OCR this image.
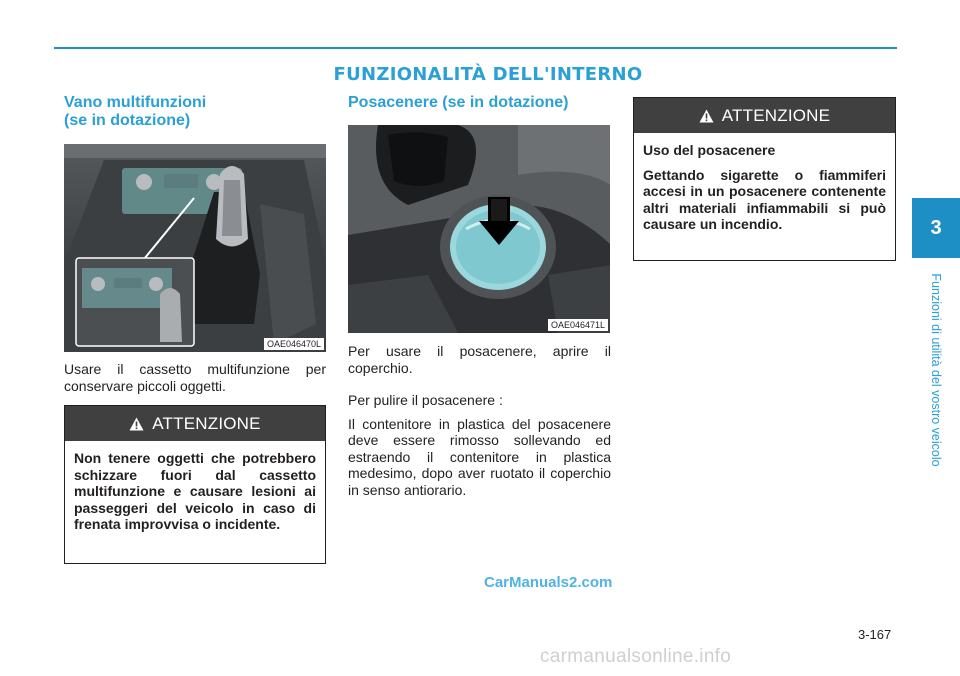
FUNZIONALITÀ DELL'INTERNO
3
Funzioni di utilità del vostro veicolo
Vano multifunzioni
(se in dotazione)
OAE046470L
Usare il cassetto multifunzione per conservare piccoli oggetti.
ATTENZIONE
Non tenere oggetti che potrebbero schizzare fuori dal cassetto multifunzione e causare lesioni ai passeggeri del veicolo in caso di frenata improvvisa o incidente.
Posacenere (se in dotazione)
OAE046471L
Per usare il posacenere, aprire il coperchio.
Per pulire il posacenere :
Il contenitore in plastica del posacenere deve essere rimosso sollevando ed estraendo il contenitore in plastica medesimo, dopo aver ruotato il coperchio in senso antiorario.
ATTENZIONE

Uso del posacenere

Gettando sigarette o fiammiferi accesi in un posacenere contenente altri materiali infiammabili si può causare un incendio.

CarManuals2.com
3-167
carmanualsonline.info
